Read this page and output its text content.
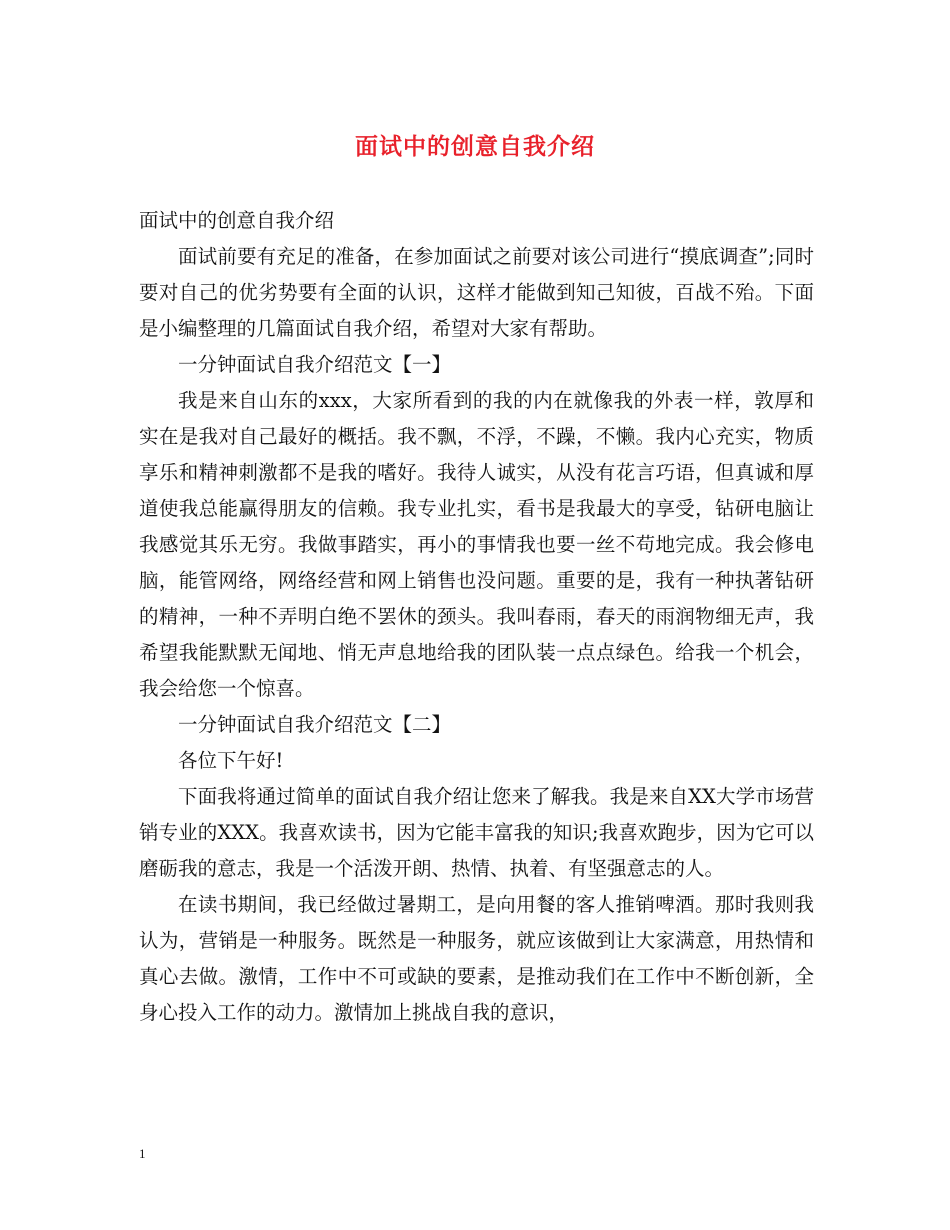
面试中的创意自我介绍

面试中的创意自我介绍

面试前要有充足的准备，在参加面试之前要对该公司进行“摸底调查”;同时要对自己的优劣势要有全面的认识，这样才能做到知己知彼，百战不殆。下面是小编整理的几篇面试自我介绍，希望对大家有帮助。

一分钟面试自我介绍范文【一】

我是来自山东的xxx，大家所看到的我的内在就像我的外表一样，敦厚和实在是我对自己最好的概括。我不飘，不浮，不躁，不懒。我内心充实，物质享乐和精神刺激都不是我的嗜好。我待人诚实，从没有花言巧语，但真诚和厚道使我总能赢得朋友的信赖。我专业扎实，看书是我最大的享受，钻研电脑让我感觉其乐无穷。我做事踏实，再小的事情我也要一丝不苟地完成。我会修电脑，能管网络，网络经营和网上销售也没问题。重要的是，我有一种执著钻研的精神，一种不弄明白绝不罢休的颈头。我叫春雨，春天的雨润物细无声，我希望我能默默无闻地、悄无声息地给我的团队装一点点绿色。给我一个机会，我会给您一个惊喜。

一分钟面试自我介绍范文【二】

各位下午好!

下面我将通过简单的面试自我介绍让您来了解我。我是来自XX大学市场营销专业的XXX。我喜欢读书，因为它能丰富我的知识;我喜欢跑步，因为它可以磨砺我的意志，我是一个活泼开朗、热情、执着、有坚强意志的人。

在读书期间，我已经做过暑期工，是向用餐的客人推销啤酒。那时我则我认为，营销是一种服务。既然是一种服务，就应该做到让大家满意，用热情和真心去做。激情，工作中不可或缺的要素，是推动我们在工作中不断创新，全身心投入工作的动力。激情加上挑战自我的意识，

1
